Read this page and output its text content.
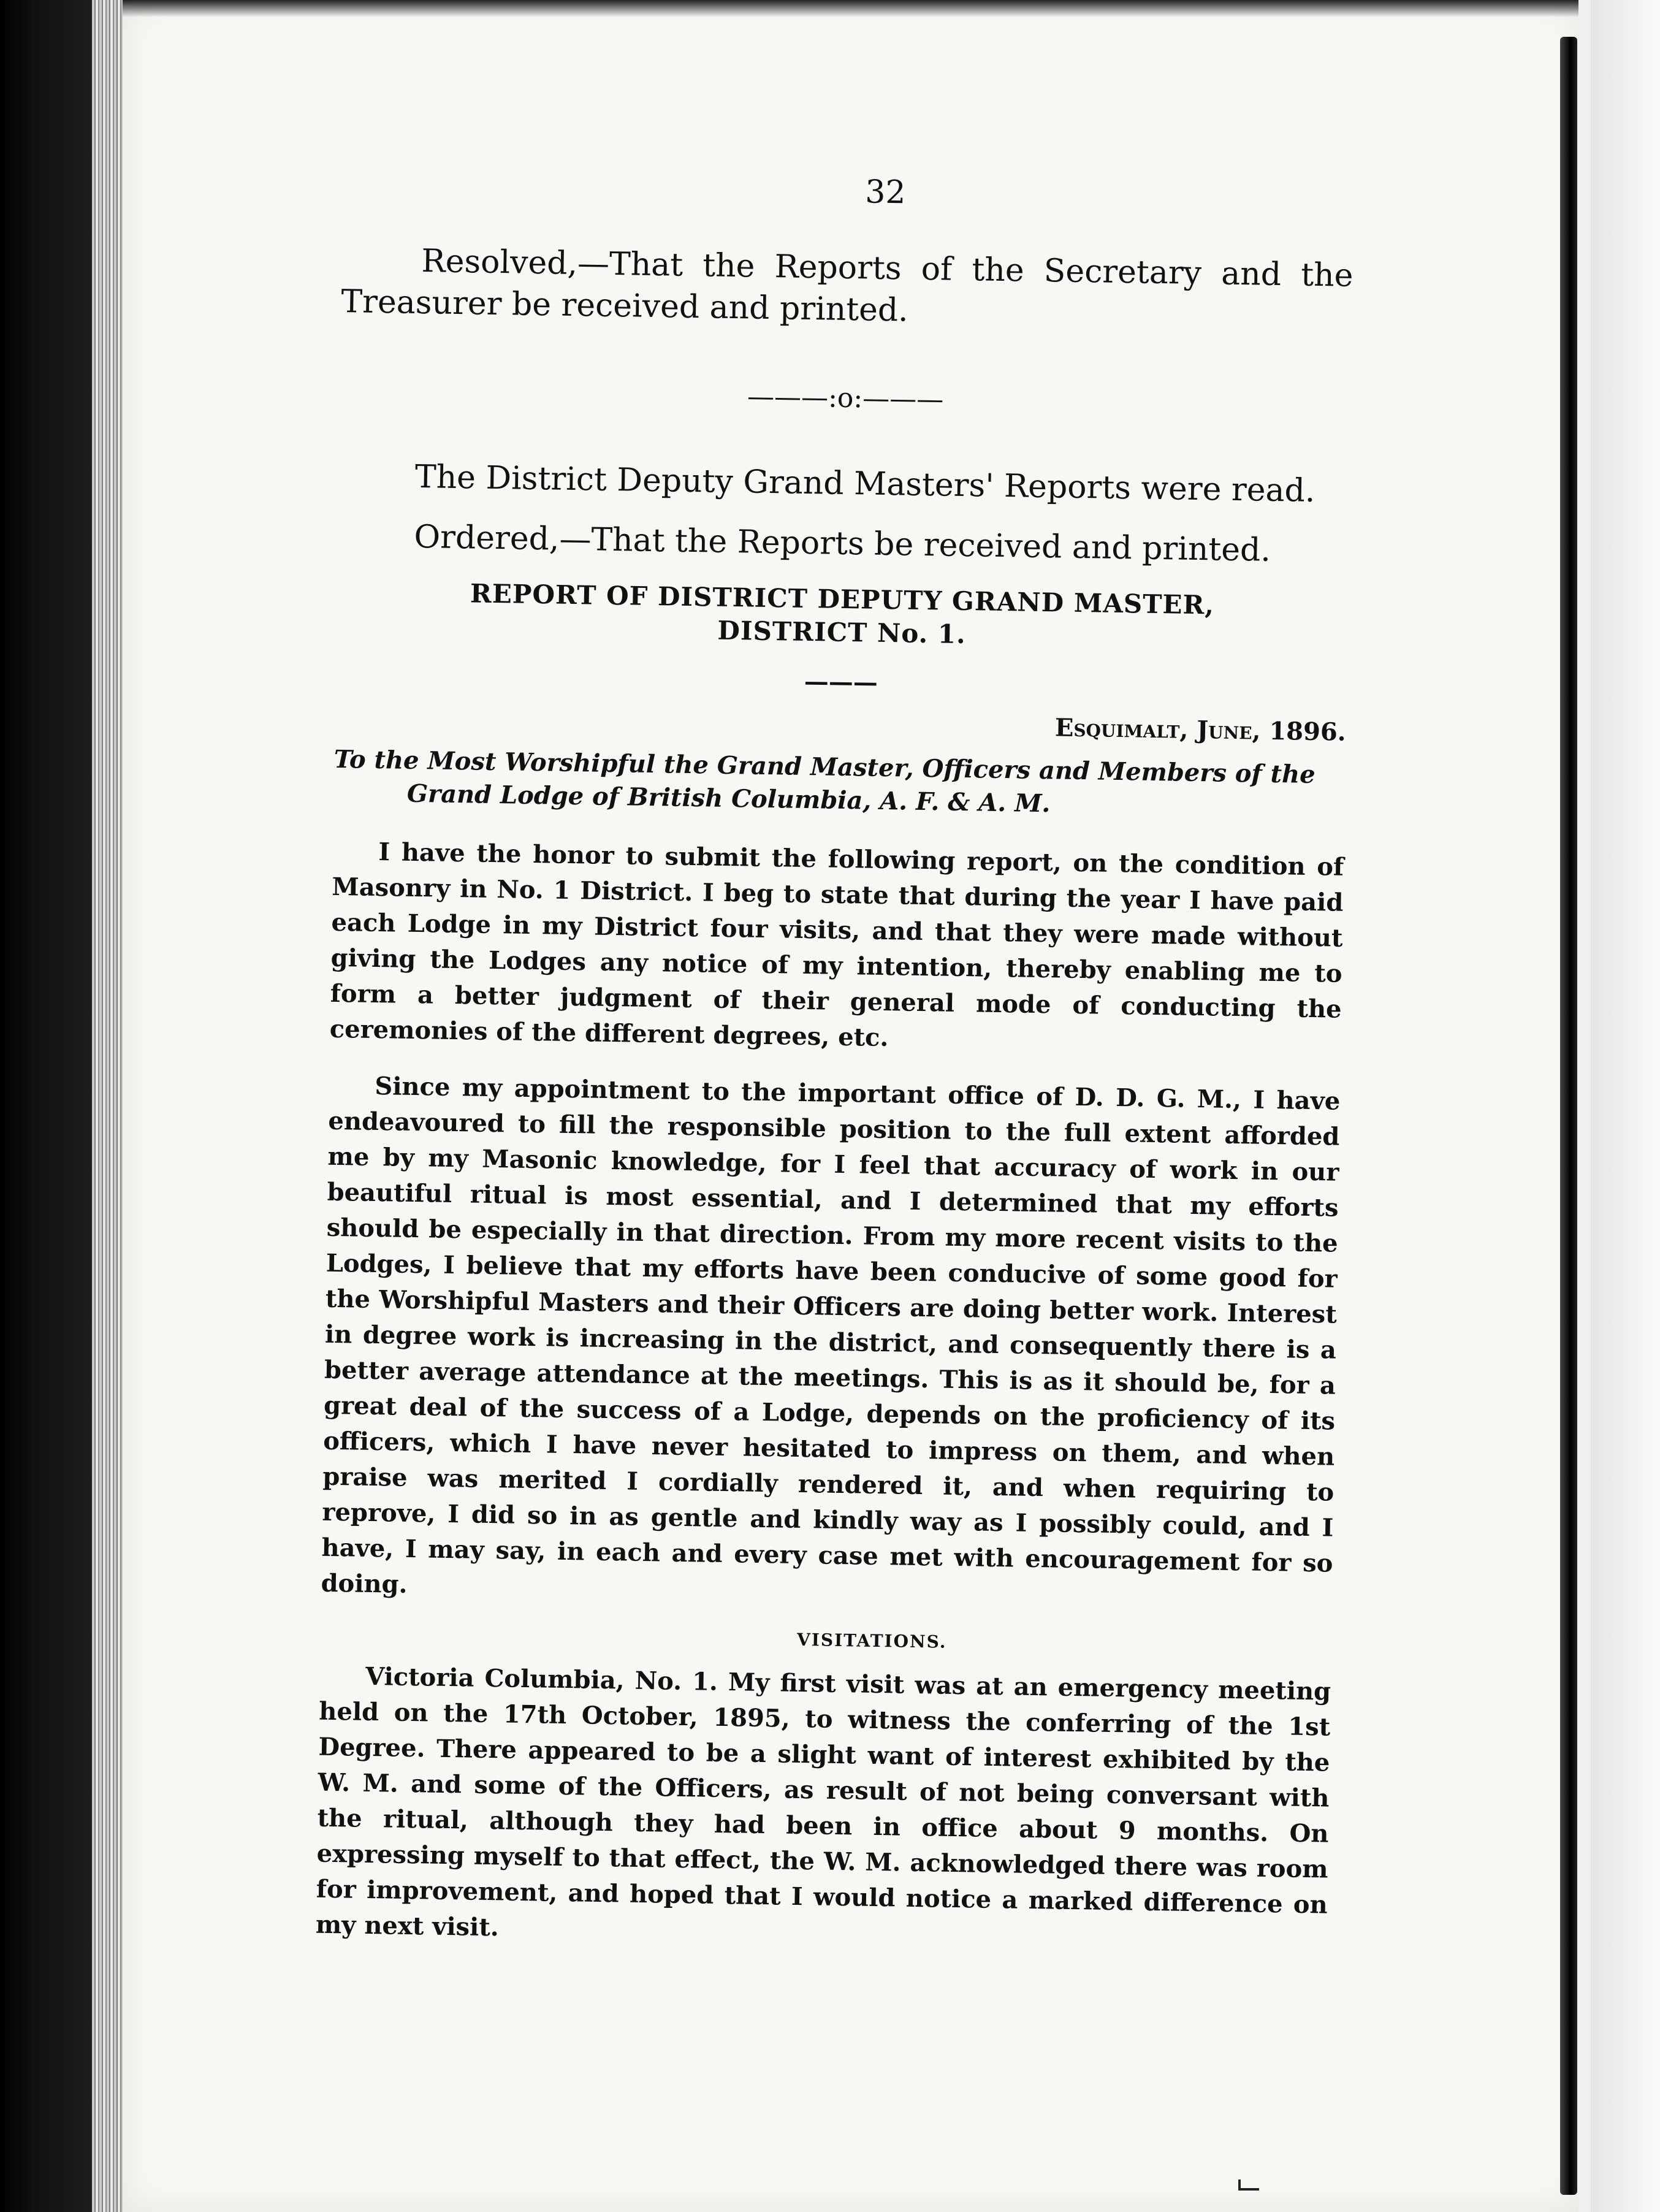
32

Resolved,—That the Reports of the Secretary and the Treasurer be received and printed.

———:o:———

The District Deputy Grand Masters' Reports were read.

Ordered,—That the Reports be received and printed.

REPORT OF DISTRICT DEPUTY GRAND MASTER,
DISTRICT No. 1.
———
Esquimalt, June, 1896.

To the Most Worshipful the Grand Master, Officers and Members of the Grand Lodge of British Columbia, A. F. & A. M.

I have the honor to submit the following report, on the condition of Masonry in No. 1 District. I beg to state that during the year I have paid each Lodge in my District four visits, and that they were made without giving the Lodges any notice of my intention, thereby enabling me to form a better judgment of their general mode of conducting the ceremonies of the different degrees, etc.

Since my appointment to the important office of D. D. G. M., I have endeavoured to fill the responsible position to the full extent afforded me by my Masonic knowledge, for I feel that accuracy of work in our beautiful ritual is most essential, and I determined that my efforts should be especially in that direction. From my more recent visits to the Lodges, I believe that my efforts have been conducive of some good for the Worshipful Masters and their Officers are doing better work. Interest in degree work is increasing in the district, and consequently there is a better average attendance at the meetings. This is as it should be, for a great deal of the success of a Lodge, depends on the proficiency of its officers, which I have never hesitated to impress on them, and when praise was merited I cordially rendered it, and when requiring to reprove, I did so in as gentle and kindly way as I possibly could, and I have, I may say, in each and every case met with encouragement for so doing.

VISITATIONS.

Victoria Columbia, No. 1. My first visit was at an emergency meeting held on the 17th October, 1895, to witness the conferring of the 1st Degree. There appeared to be a slight want of interest exhibited by the W. M. and some of the Officers, as result of not being conversant with the ritual, although they had been in office about 9 months. On expressing myself to that effect, the W. M. acknowledged there was room for improvement, and hoped that I would notice a marked difference on my next visit.
